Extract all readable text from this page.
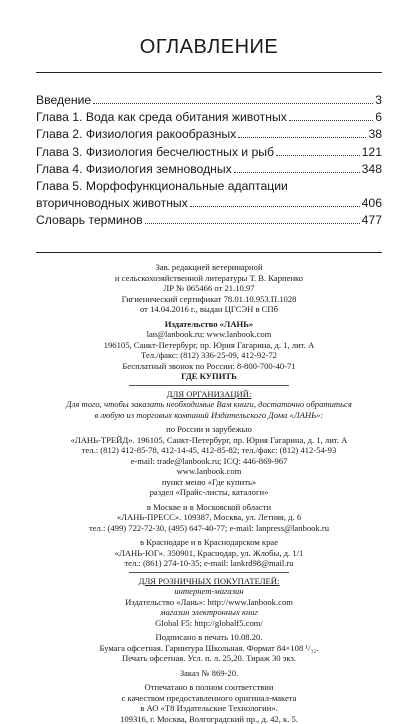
ОГЛАВЛЕНИЕ
Введение	3
Глава 1. Вода как среда обитания животных	6
Глава 2. Физиология ракообразных	38
Глава 3. Физиология бесчелюстных и рыб	121
Глава 4. Физиология земноводных	348
Глава 5. Морфофункциональные адаптации
вторичноводных животных	406
Словарь терминов	477
Зав. редакцией ветеринарной
и сельскохозяйственной литературы Т. В. Карпенко
ЛР № 065466 от 21.10.97
Гигиенический сертификат 78.01.10.953.П.1028
от 14.04.2016 г., выдан ЦГСЭН в СПб
Издательство «ЛАНЬ»
lan@lanbook.ru; www.lanbook.com
196105, Санкт-Петербург, пр. Юрия Гагарина, д. 1, лит. А
Тел./факс: (812) 336-25-09, 412-92-72
Бесплатный звонок по России: 8-800-700-40-71
ГДЕ КУПИТЬ
ДЛЯ ОРГАНИЗАЦИЙ:
Для того, чтобы заказать необходимые Вам книги, достаточно обратиться
в любую из торговых компаний Издательского Дома «ЛАНЬ»:
по России и зарубежью
«ЛАНЬ-ТРЕЙД». 196105, Санкт-Петербург, пр. Юрия Гагарина, д. 1, лит. А
тел.: (812) 412-85-78, 412-14-45, 412-85-82; тел./факс: (812) 412-54-93
e-mail: trade@lanbook.ru; ICQ: 446-869-967
www.lanbook.com
пункт меню «Где купить»
раздел «Прайс-листы, каталоги»
в Москве и в Московской области
«ЛАНЬ-ПРЕСС». 109387, Москва, ул. Летняя, д. 6
тел.: (499) 722-72-30, (495) 647-40-77; e-mail: lanpress@lanbook.ru
в Краснодаре и в Краснодарском крае
«ЛАНЬ-ЮГ». 350901, Краснодар, ул. Жлобы, д. 1/1
тел.: (861) 274-10-35; e-mail: lankrd98@mail.ru
ДЛЯ РОЗНИЧНЫХ ПОКУПАТЕЛЕЙ:
интернет-магазин
Издательство «Лань»: http://www.lanbook.com
магазин электронных книг
Global F5: http://globalf5.com/
Подписано в печать 10.08.20.
Бумага офсетная. Гарнитура Школьная. Формат 84×108 ¹/₃₂.
Печать офсетная. Усл. п. л. 25,20. Тираж 30 экз.
Заказ № 869-20.
Отпечатано в полном соответствии
с качеством предоставленного оригинал-макета
в АО «Т8 Издательские Технологии».
109316, г. Москва, Волгоградский пр., д. 42, к. 5.
